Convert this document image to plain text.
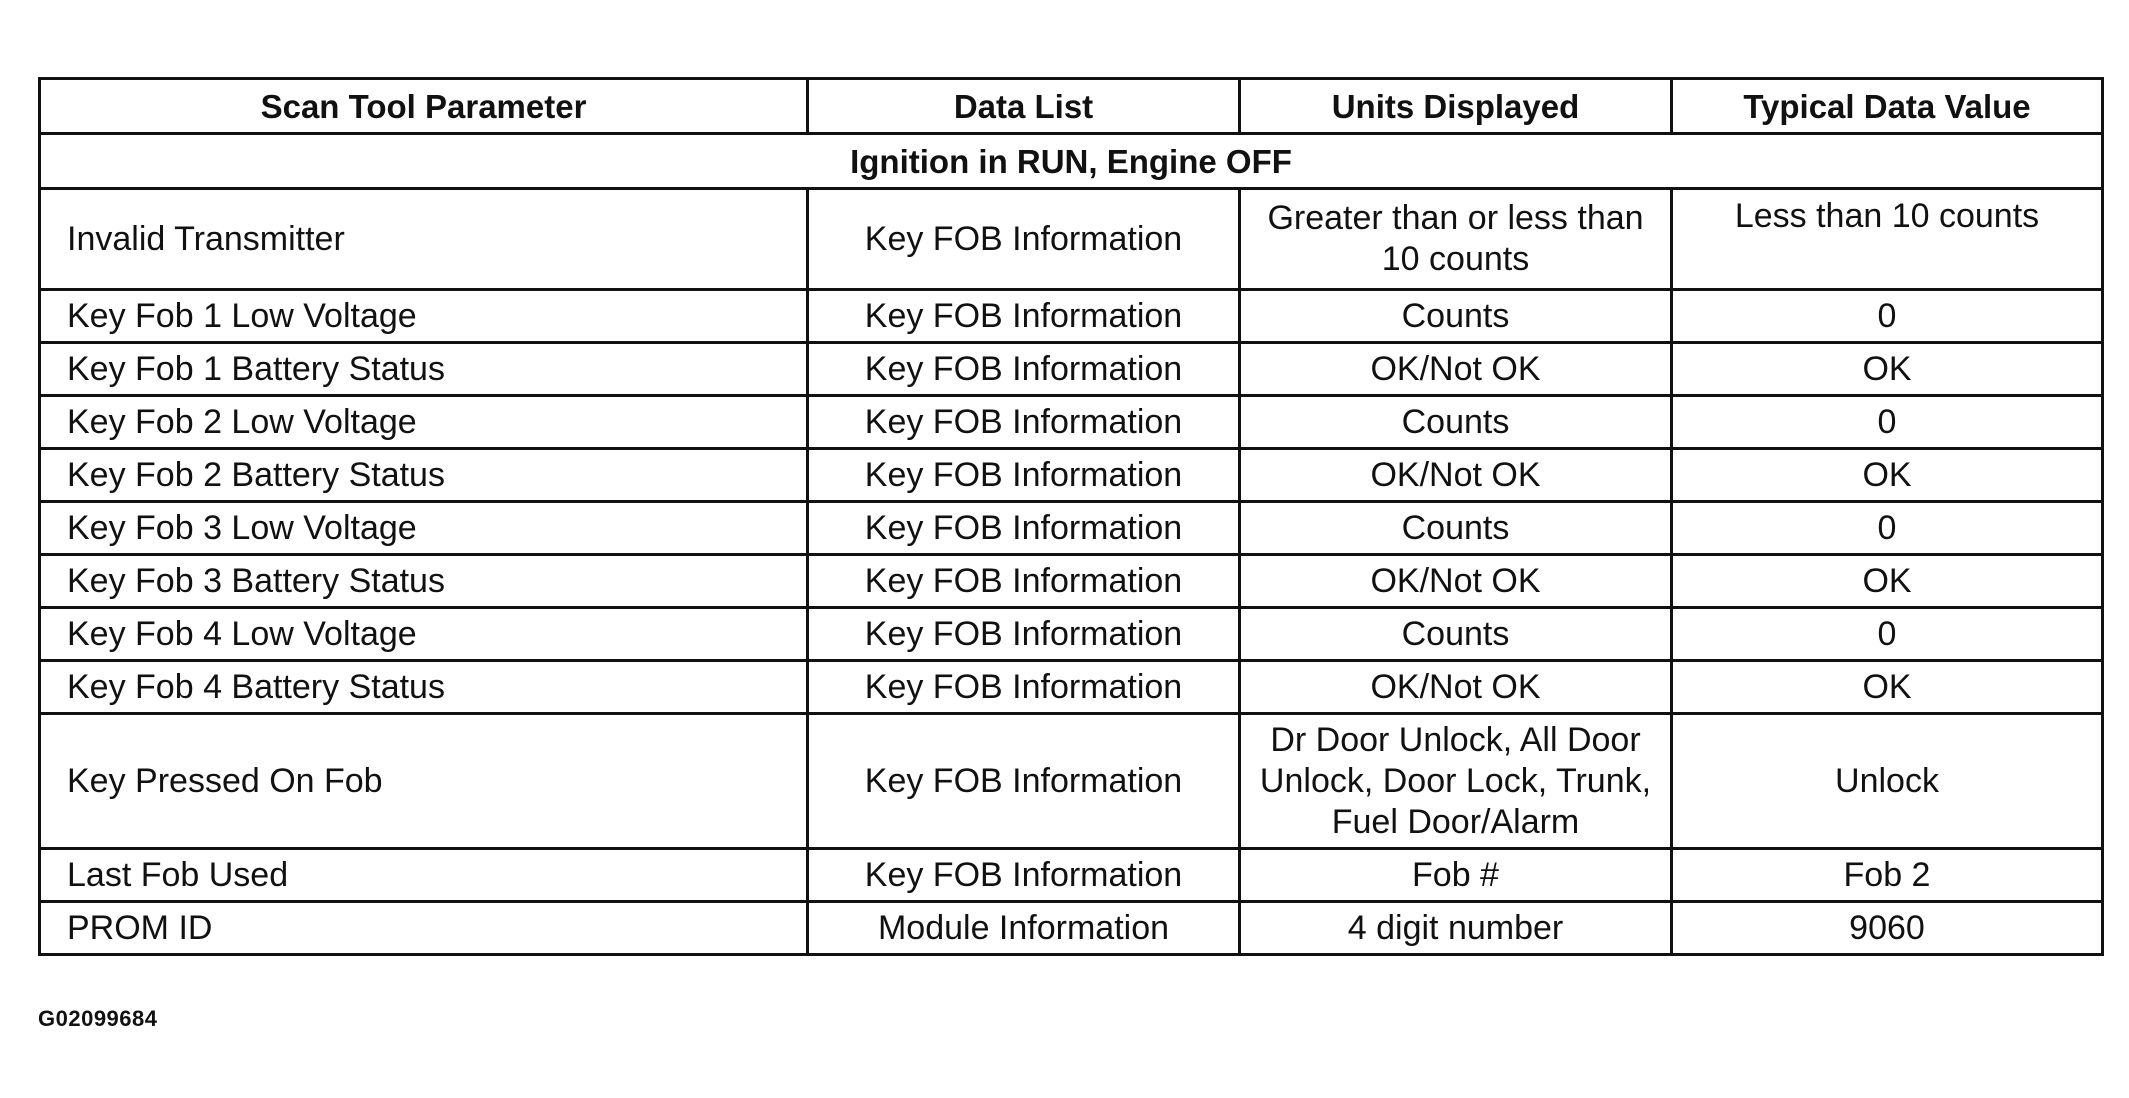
Scan Tool Parameter	Data List	Units Displayed	Typical Data Value
Ignition in RUN, Engine OFF			
Invalid Transmitter	Key FOB Information	Greater than or less than 10 counts	Less than 10 counts
Key Fob 1 Low Voltage	Key FOB Information	Counts	0
Key Fob 1 Battery Status	Key FOB Information	OK/Not OK	OK
Key Fob 2 Low Voltage	Key FOB Information	Counts	0
Key Fob 2 Battery Status	Key FOB Information	OK/Not OK	OK
Key Fob 3 Low Voltage	Key FOB Information	Counts	0
Key Fob 3 Battery Status	Key FOB Information	OK/Not OK	OK
Key Fob 4 Low Voltage	Key FOB Information	Counts	0
Key Fob 4 Battery Status	Key FOB Information	OK/Not OK	OK
Key Pressed On Fob	Key FOB Information	Dr Door Unlock, All Door Unlock, Door Lock, Trunk, Fuel Door/Alarm	Unlock
Last Fob Used	Key FOB Information	Fob #	Fob 2
PROM ID	Module Information	4 digit number	9060
G02099684
